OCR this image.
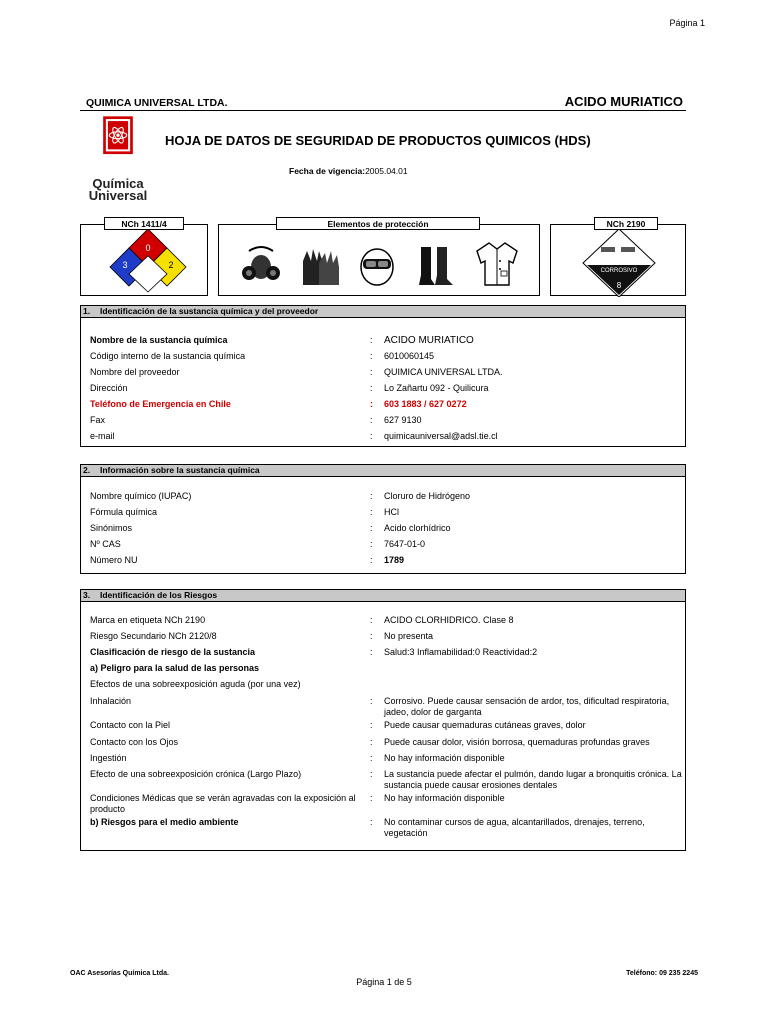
Página 1
QUIMICA UNIVERSAL LTDA.	ACIDO MURIATICO
Química
Universal
HOJA DE DATOS DE SEGURIDAD DE PRODUCTOS QUIMICOS (HDS)
Fecha de vigencia:2005.04.01
0
3	2
NCh 1411/4	Elementos de protección
CORROSIVO
8
NCh 2190
1. Identificación de la sustancia química y del proveedor
Nombre de la sustancia química	: ACIDO MURIATICO
Código interno de la sustancia química	: 6010060145
Nombre del proveedor	: QUIMICA UNIVERSAL LTDA.
Dirección	: Lo Zañartu 092 - Quilicura
Teléfono de Emergencia en Chile	: 603 1883 / 627 0272
Fax	: 627 9130
e-mail	: quimicauniversal@adsl.tie.cl
2. Información sobre la sustancia química
Nombre químico (IUPAC)	: Cloruro de Hidrógeno
Fórmula química	: HCl
Sinónimos	: Acido clorhídrico
Nº CAS	: 7647-01-0
Número NU	: 1789
3. Identificación de los Riesgos
Marca en etiqueta NCh 2190	: ACIDO CLORHIDRICO. Clase 8
Riesgo Secundario NCh 2120/8	: No presenta
Clasificación de riesgo de la sustancia	: Salud:3 Inflamabilidad:0 Reactividad:2
a) Peligro para la salud de las personas
Efectos de una sobreexposición aguda (por una vez)
Inhalación	: Corrosivo. Puede causar sensación de ardor, tos, dificultad respiratoria, jadeo, dolor de garganta
Contacto con la Piel	: Puede causar quemaduras cutáneas graves, dolor
Contacto con los Ojos	: Puede causar dolor, visión borrosa, quemaduras profundas graves
Ingestión	: No hay información disponible
Efecto de una sobreexposición crónica (Largo Plazo)	: La sustancia puede afectar el pulmón, dando lugar a bronquitis crónica. La sustancia puede causar erosiones dentales
Condiciones Médicas que se verán agravadas con la exposición al producto
: No hay información disponible
b) Riesgos para el medio ambiente	: No contaminar cursos de agua, alcantarillados, drenajes, terreno, vegetación
OAC Asesorías Química Ltda.	Teléfono: 09 235 2245
Página 1 de 5
